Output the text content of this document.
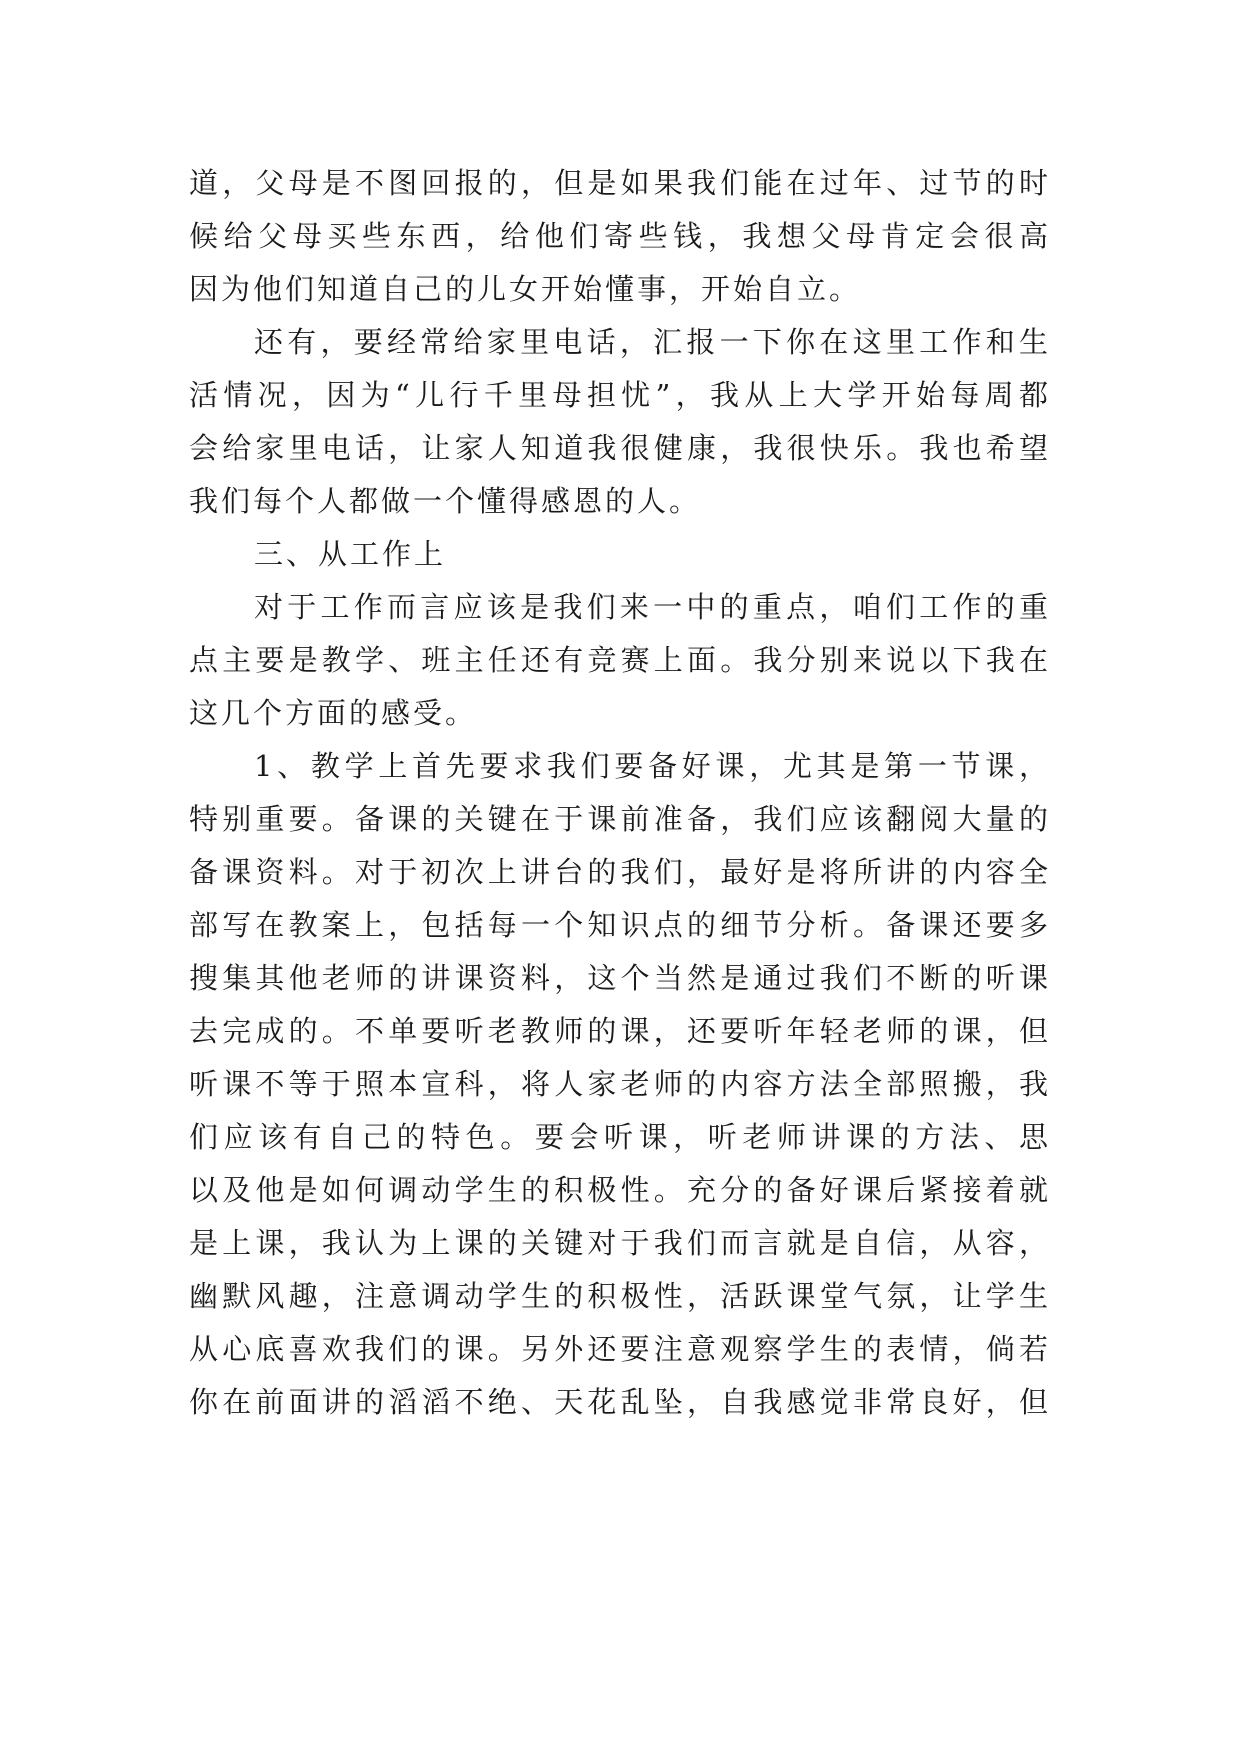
道，父母是不图回报的，但是如果我们能在过年、过节的时
候给父母买些东西，给他们寄些钱，我想父母肯定会很高
因为他们知道自己的儿女开始懂事，开始自立。
还有，要经常给家里电话，汇报一下你在这里工作和生
活情况，因为“儿行千里母担忧”，我从上大学开始每周都
会给家里电话，让家人知道我很健康，我很快乐。我也希望
我们每个人都做一个懂得感恩的人。
三、从工作上
对于工作而言应该是我们来一中的重点，咱们工作的重
点主要是教学、班主任还有竞赛上面。我分别来说以下我在
这几个方面的感受。
1、教学上首先要求我们要备好课，尤其是第一节课，
特别重要。备课的关键在于课前准备，我们应该翻阅大量的
备课资料。对于初次上讲台的我们，最好是将所讲的内容全
部写在教案上，包括每一个知识点的细节分析。备课还要多
搜集其他老师的讲课资料，这个当然是通过我们不断的听课
去完成的。不单要听老教师的课，还要听年轻老师的课，但
听课不等于照本宣科，将人家老师的内容方法全部照搬，我
们应该有自己的特色。要会听课，听老师讲课的方法、思
以及他是如何调动学生的积极性。充分的备好课后紧接着就
是上课，我认为上课的关键对于我们而言就是自信，从容，
幽默风趣，注意调动学生的积极性，活跃课堂气氛，让学生
从心底喜欢我们的课。另外还要注意观察学生的表情，倘若
你在前面讲的滔滔不绝、天花乱坠，自我感觉非常良好，但
